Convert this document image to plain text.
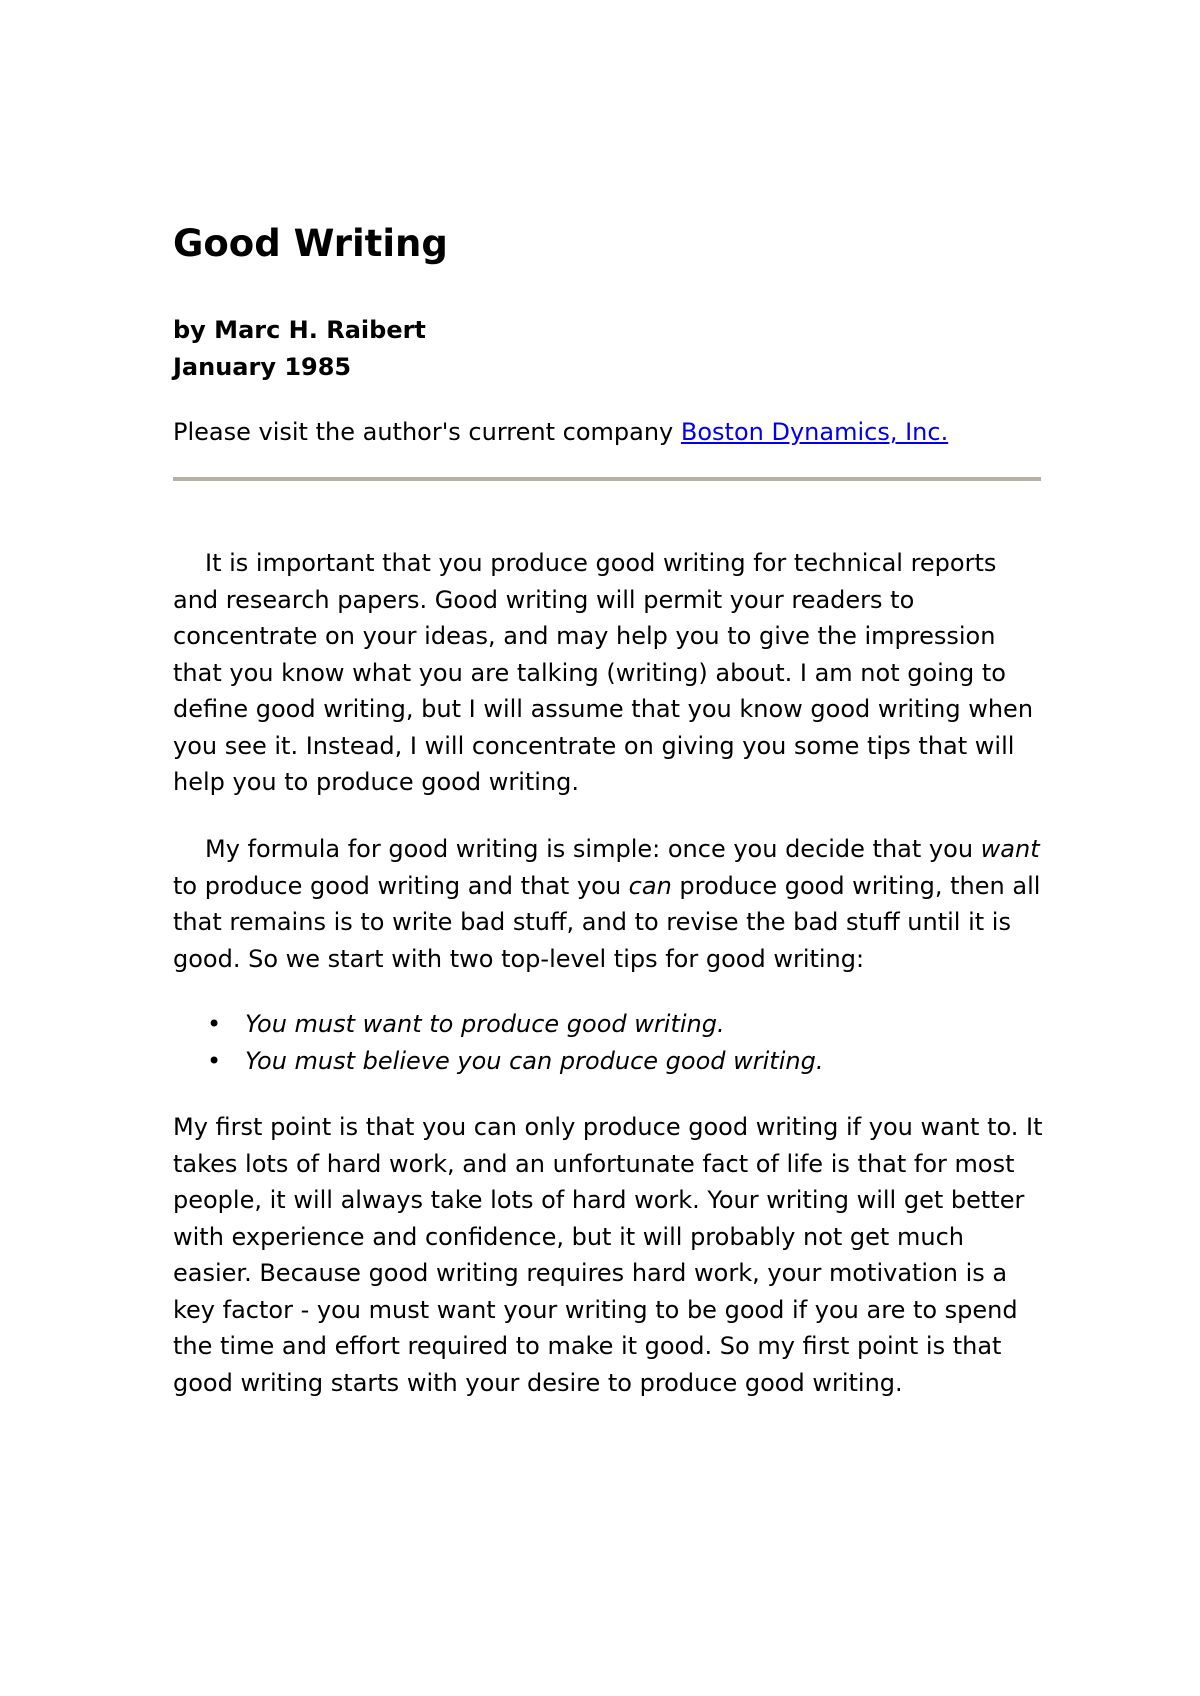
Good Writing

by Marc H. Raibert
January 1985

Please visit the author's current company Boston Dynamics, Inc.

It is important that you produce good writing for technical reports and research papers. Good writing will permit your readers to concentrate on your ideas, and may help you to give the impression that you know what you are talking (writing) about. I am not going to define good writing, but I will assume that you know good writing when you see it. Instead, I will concentrate on giving you some tips that will help you to produce good writing.

My formula for good writing is simple: once you decide that you want to produce good writing and that you can produce good writing, then all that remains is to write bad stuff, and to revise the bad stuff until it is good. So we start with two top-level tips for good writing:

• You must want to produce good writing.
• You must believe you can produce good writing.

My first point is that you can only produce good writing if you want to. It takes lots of hard work, and an unfortunate fact of life is that for most people, it will always take lots of hard work. Your writing will get better with experience and confidence, but it will probably not get much easier. Because good writing requires hard work, your motivation is a key factor - you must want your writing to be good if you are to spend the time and effort required to make it good. So my first point is that good writing starts with your desire to produce good writing.
